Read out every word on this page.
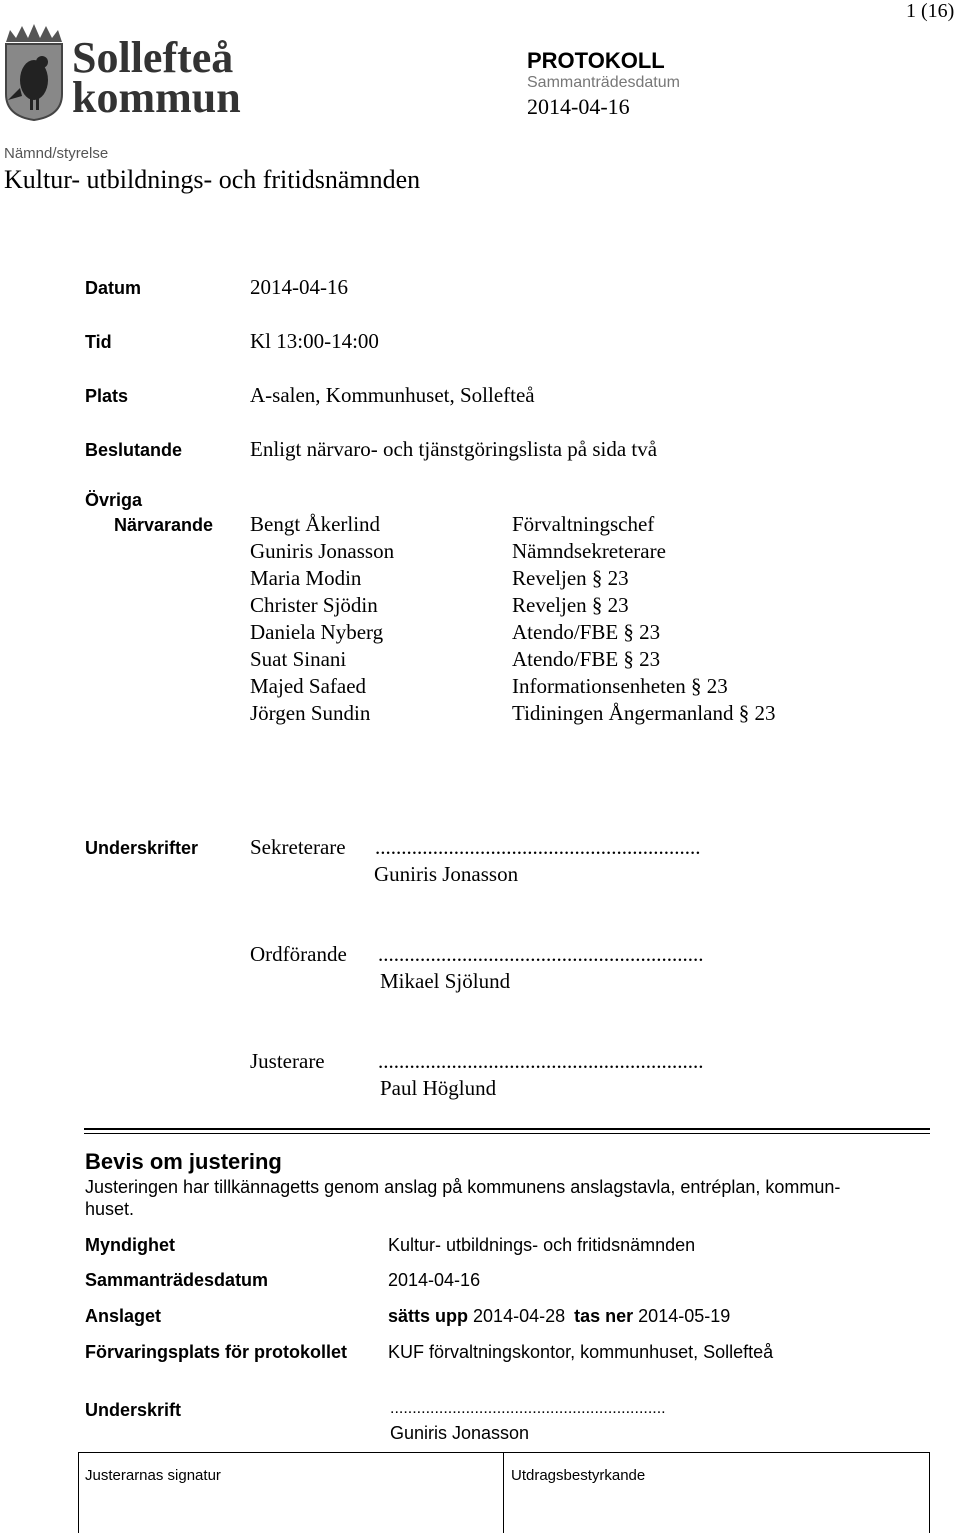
1 (16)
Sollefteå
kommun
PROTOKOLL
Sammanträdesdatum
2014-04-16
Nämnd/styrelse
Kultur- utbildnings- och fritidsnämnden
Datum	2014-04-16
Tid	Kl 13:00-14:00
Plats	A-salen, Kommunhuset, Sollefteå
Beslutande	Enligt närvaro- och tjänstgöringslista på sida två
Övriga
Närvarande Bengt Åkerlind	Förvaltningschef
Guniris Jonasson	Nämndsekreterare
Maria Modin	Reveljen § 23
Christer Sjödin	Reveljen § 23
Daniela Nyberg	Atendo/FBE § 23
Suat Sinani	Atendo/FBE § 23
Majed Safaed	Informationsenheten § 23
Jörgen Sundin	Tidiningen Ångermanland § 23
Underskrifter Sekreterare ..............................................................
Guniris Jonasson
Ordförande ..............................................................
Mikael Sjölund
Justerare	..............................................................
Paul Höglund
Bevis om justering
Justeringen har tillkännagetts genom anslag på kommunens anslagstavla, entréplan, kommun-
huset.
Myndighet	Kultur- utbildnings- och fritidsnämnden
Sammanträdesdatum	2014-04-16
Anslaget	sätts upp 2014-04-28 tas ner 2014-05-19
Förvaringsplats för protokollet KUF förvaltningskontor, kommunhuset, Sollefteå
Underskrift	..............................................................
Guniris Jonasson
Justerarnas signatur	Utdragsbestyrkande
